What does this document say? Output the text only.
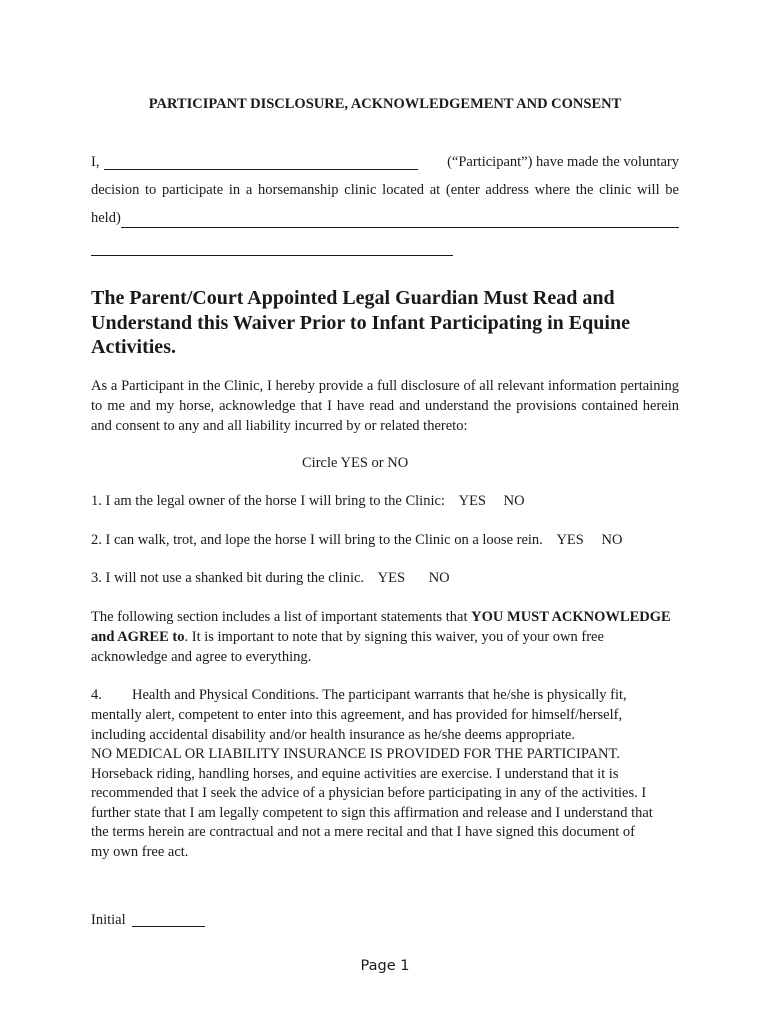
PARTICIPANT DISCLOSURE, ACKNOWLEDGEMENT AND CONSENT
I,	(“Participant”) have made the voluntary
decision to participate in a horsemanship clinic located at (enter address where the clinic will be
held)
The Parent/Court Appointed Legal Guardian Must Read and Understand this Waiver Prior to Infant Participating in Equine Activities.
As a Participant in the Clinic, I hereby provide a full disclosure of all relevant information pertaining to me and my horse, acknowledge that I have read and understand the provisions contained herein and consent to any and all liability incurred by or related thereto:
Circle YES or NO
1. I am the legal owner of the horse I will bring to the Clinic: YES NO
2. I can walk, trot, and lope the horse I will bring to the Clinic on a loose rein. YES NO
3. I will not use a shanked bit during the clinic. YES NO
The following section includes a list of important statements that YOU MUST ACKNOWLEDGE and AGREE to. It is important to note that by signing this waiver, you of your own free acknowledge and agree to everything.
4.	Health and Physical Conditions. The participant warrants that he/she is physically fit,
mentally alert, competent to enter into this agreement, and has provided for himself/herself,
including accidental disability and/or health insurance as he/she deems appropriate.
NO MEDICAL OR LIABILITY INSURANCE IS PROVIDED FOR THE PARTICIPANT.
Horseback riding, handling horses, and equine activities are exercise. I understand that it is
recommended that I seek the advice of a physician before participating in any of the activities. I
further state that I am legally competent to sign this affirmation and release and I understand that
the terms herein are contractual and not a mere recital and that I have signed this document of
my own free act.
Initial
Page 1
